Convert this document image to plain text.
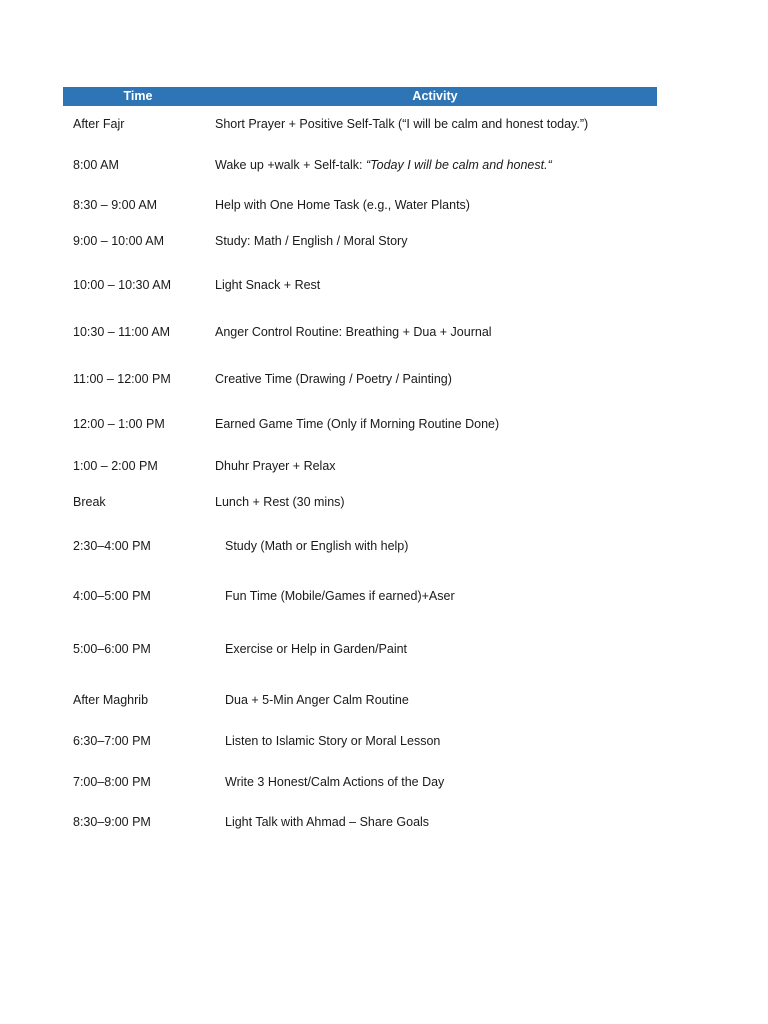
Time	Activity
After Fajr	Short Prayer + Positive Self-Talk (“I will be calm and honest today.”)
8:00 AM	Wake up +walk + Self-talk: “Today I will be calm and honest.“
8:30 – 9:00 AM	Help with One Home Task (e.g., Water Plants)
9:00 – 10:00 AM	Study: Math / English / Moral Story
10:00 – 10:30 AM	Light Snack + Rest
10:30 – 11:00 AM	Anger Control Routine: Breathing + Dua + Journal
11:00 – 12:00 PM	Creative Time (Drawing / Poetry / Painting)
12:00 – 1:00 PM	Earned Game Time (Only if Morning Routine Done)
1:00 – 2:00 PM	Dhuhr Prayer + Relax
Break	Lunch + Rest (30 mins)
2:30–4:00 PM	Study (Math or English with help)
4:00–5:00 PM	Fun Time (Mobile/Games if earned)+Aser
5:00–6:00 PM	Exercise or Help in Garden/Paint
After Maghrib	Dua + 5-Min Anger Calm Routine
6:30–7:00 PM	Listen to Islamic Story or Moral Lesson
7:00–8:00 PM	Write 3 Honest/Calm Actions of the Day
8:30–9:00 PM	Light Talk with Ahmad – Share Goals
